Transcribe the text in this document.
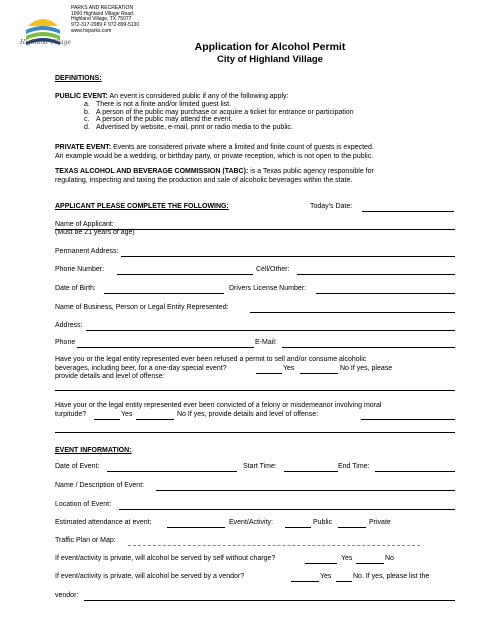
Highland Village
PARKS AND RECREATION
1000 Highland Village Road
Highland Village, TX 75077
972-317-2989 F 972-899-5130
www.hvparks.com
Application for Alcohol Permit
City of Highland Village
DEFINITIONS:
PUBLIC EVENT: An event is considered public if any of the following apply:
a. There is not a finite and/or limited guest list.
b. A person of the public may purchase or acquire a ticket for entrance or participation
c. A person of the public may attend the event.
d. Advertised by website, e-mail, print or radio media to the public.
PRIVATE EVENT: Events are considered private where a limited and finite count of guests is expected.
An example would be a wedding, or birthday party, or private reception, which is not open to the public.
TEXAS ALCOHOL AND BEVERAGE COMMISSION (TABC): is a Texas public agency responsible for
regulating, inspecting and taxing the production and sale of alcoholic beverages within the state.
APPLICANT PLEASE COMPLETE THE FOLLOWING:	Today's Date:
Name of Applicant:
(Must be 21 years of age)
Permanent Address:
Phone Number:	Cell/Other:
Date of Birth:	Drivers License Number:
Name of Business, Person or Legal Entity Represented:
Address:
Phone	E-Mail:
Have you or the legal entity represented ever been refused a permit to sell and/or consume alcoholic
beverages, including beer, for a one-day special event?
provide details and level of offense:
Yes	No If yes, please
Have your or the legal entity represented ever been convicted of a felony or misdemeanor involving moral
turpitude?	Yes	No If yes, provide details and level of offense:
EVENT INFORMATION:
Date of Event:	Start Time:	End Time:
Name / Description of Event:
Location of Event:
Estimated attendance at event:	Event/Activity:	Public	Private
Traffic Plan or Map:
If event/activity is private, will alcohol be served by self without charge?	Yes	No
If event/activity is private, will alcohol be served by a vendor?	Yes	No. If yes, please list the
vendor:
